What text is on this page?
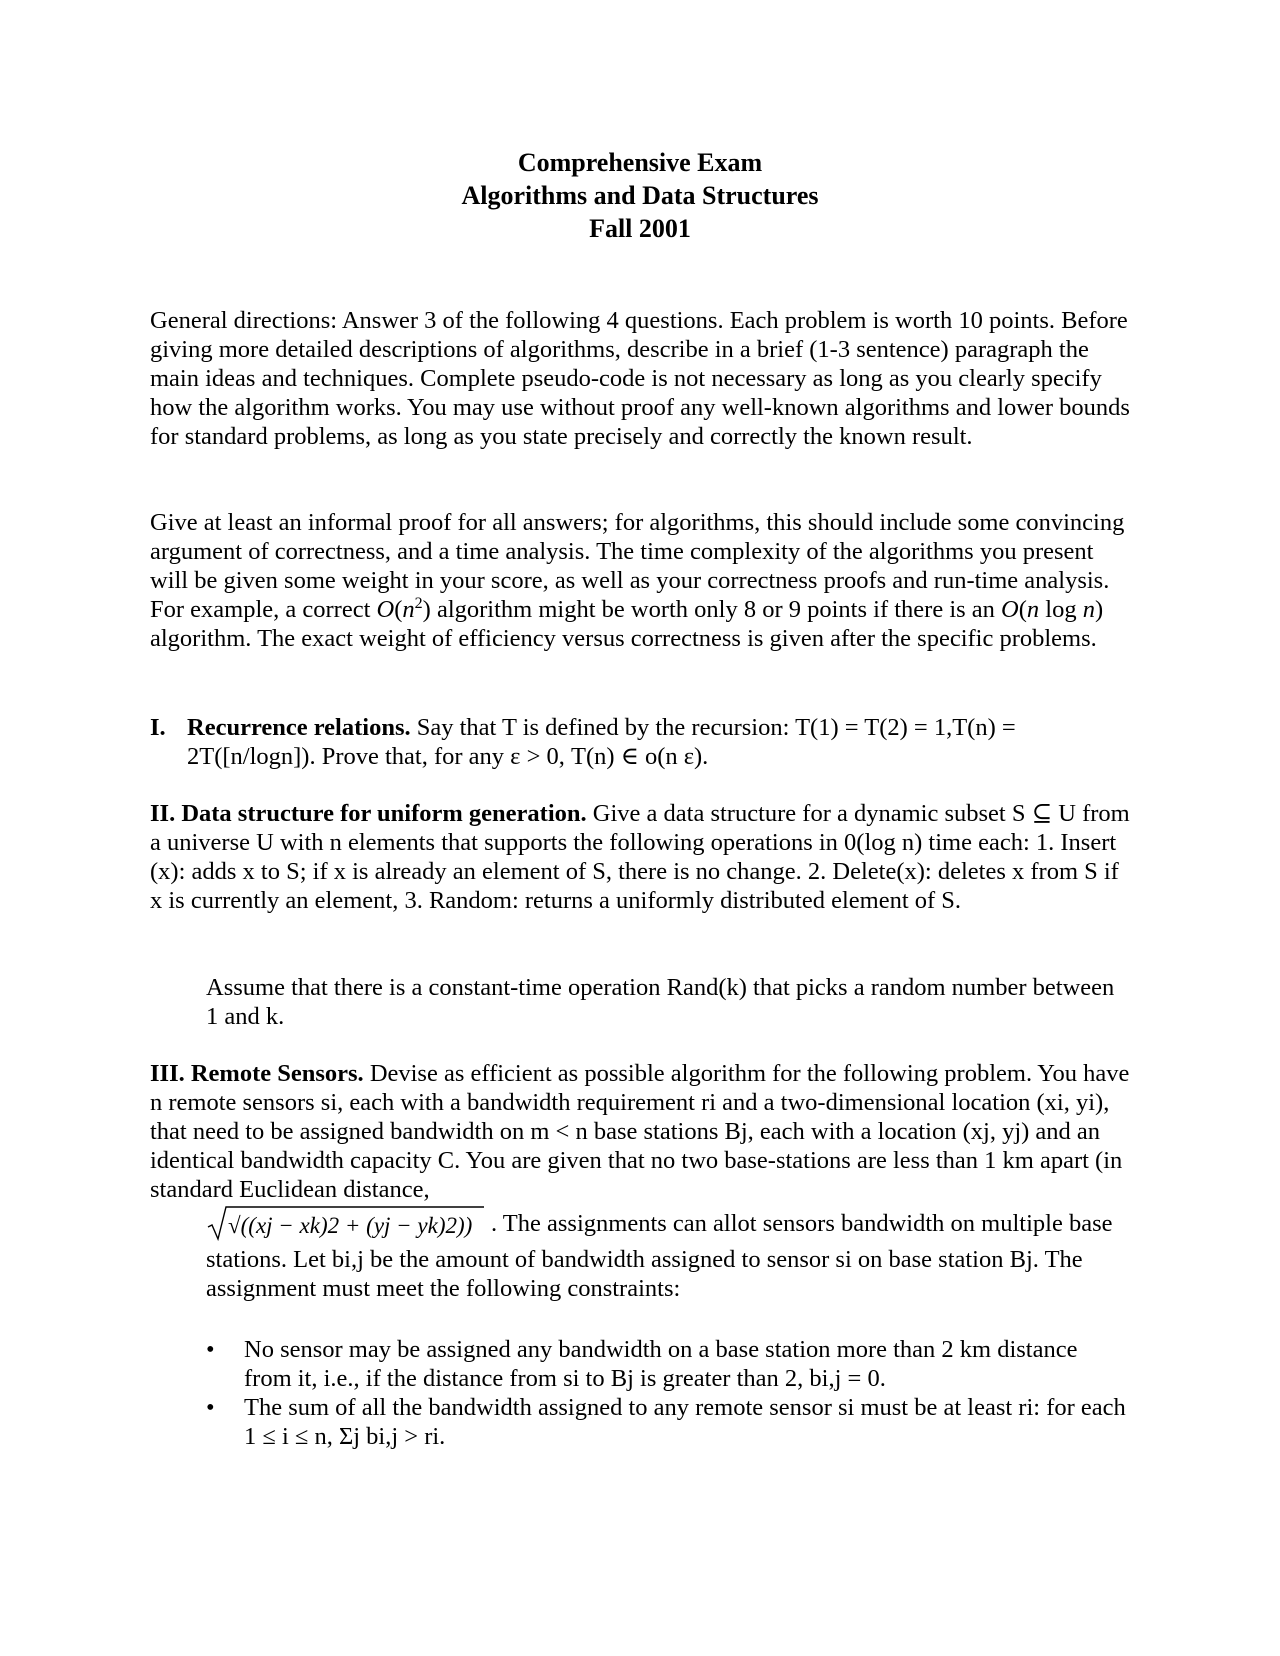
Comprehensive Exam
Algorithms and Data Structures
Fall 2001

General directions: Answer 3 of the following 4 questions. Each problem is worth 10 points. Before giving more detailed descriptions of algorithms, describe in a brief (1-3 sentence) paragraph the main ideas and techniques. Complete pseudo-code is not necessary as long as you clearly specify how the algorithm works. You may use without proof any well-known algorithms and lower bounds for standard problems, as long as you state precisely and correctly the known result.

Give at least an informal proof for all answers; for algorithms, this should include some convincing argument of correctness, and a time analysis. The time complexity of the algorithms you present will be given some weight in your score, as well as your correctness proofs and run-time analysis. For example, a correct $O(n^2)$ algorithm might be worth only 8 or 9 points if there is an O(n log n) algorithm. The exact weight of efficiency versus correctness is given after the specific problems.

I. Recurrence relations. Say that T is defined by the recursion: T(1) = T(2) = 1,T(n) = 2T([n/logn]). Prove that, for any ε > 0, T(n) ∈ o(n ε).
II. Data structure for uniform generation. Give a data structure for a dynamic subset S ⊆ U from a universe U with n elements that supports the following operations in 0(log n) time each: 1. Insert (x): adds x to S; if x is already an element of S, there is no change. 2. Delete(x): deletes x from S if x is currently an element, 3. Random: returns a uniformly distributed element of S.
Assume that there is a constant-time operation Rand(k) that picks a random number between 1 and k.
III. Remote Sensors. Devise as efficient as possible algorithm for the following problem. You have n remote sensors si, each with a bandwidth requirement ri and a two-dimensional location (xi, yi), that need to be assigned bandwidth on m < n base stations Bj, each with a location (xj, yj) and an identical bandwidth capacity C. You are given that no two base-stations are less than 1 km apart (in standard Euclidean distance,
√((xj − xk)2 + (yj − yk)2)) . The assignments can allot sensors bandwidth on multiple base
stations. Let bi,j be the amount of bandwidth assigned to sensor si on base station Bj. The assignment must meet the following constraints:
• No sensor may be assigned any bandwidth on a base station more than 2 km distance from it, i.e., if the distance from si to Bj is greater than 2, bi,j = 0.
• The sum of all the bandwidth assigned to any remote sensor si must be at least ri: for each 1 ≤ i ≤ n, Σj bi,j > ri.
